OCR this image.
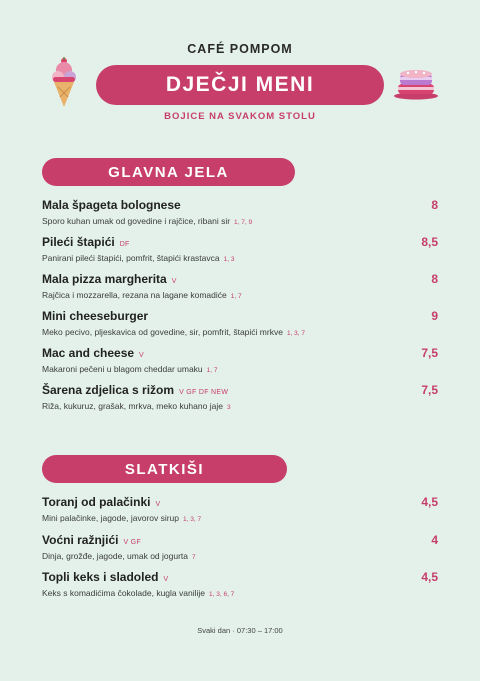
CAFÉ POMPOM
DJEČJI MENI
BOJICE NA SVAKOM STOLU
GLAVNA JELA
Mala špageta bolognese	8
Sporo kuhan umak od govedine i rajčice, ribani sir 1, 7, 9
Pileći štapići DF	8,5
Panirani pileći štapići, pomfrit, štapići krastavca 1, 3
Mala pizza margherita V	8
Rajčica i mozzarella, rezana na lagane komadiće 1, 7
Mini cheeseburger	9
Meko pecivo, pljeskavica od govedine, sir, pomfrit, štapići mrkve 1, 3, 7
Mac and cheese V	7,5
Makaroni pečeni u blagom cheddar umaku 1, 7
Šarena zdjelica s rižom V GF DF NEW	7,5
Riža, kukuruz, grašak, mrkva, meko kuhano jaje 3
SLATKIŠI
Toranj od palačinki V	4,5
Mini palačinke, jagode, javorov sirup 1, 3, 7
Voćni ražnjići V GF	4
Dinja, grožđe, jagode, umak od jogurta 7
Topli keks i sladoled V	4,5
Keks s komadićima čokolade, kugla vanilije 1, 3, 6, 7
Svaki dan · 07:30 – 17:00
